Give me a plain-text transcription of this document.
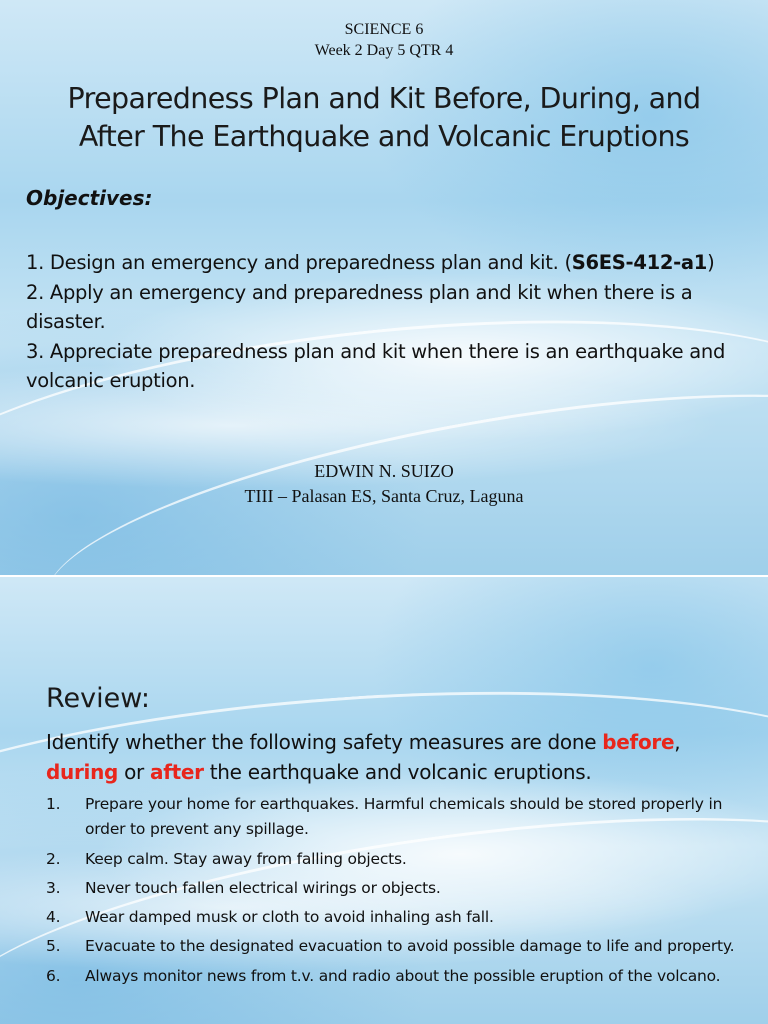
SCIENCE 6
Week 2 Day 5 QTR 4
Preparedness Plan and Kit Before, During, and
After The Earthquake and Volcanic Eruptions
Objectives:

1. Design an emergency and preparedness plan and kit. (S6ES-412-a1)

2. Apply an emergency and preparedness plan and kit when there is a disaster.

3. Appreciate preparedness plan and kit when there is an earthquake and volcanic eruption.

EDWIN N. SUIZO
TIII – Palasan ES, Santa Cruz, Laguna
Review:
Identify whether the following safety measures are done before,
during or after the earthquake and volcanic eruptions.
1.	Prepare your home for earthquakes. Harmful chemicals should be stored properly in order to prevent any spillage.
2.	Keep calm. Stay away from falling objects.
3.	Never touch fallen electrical wirings or objects.
4.	Wear damped musk or cloth to avoid inhaling ash fall.
5.	Evacuate to the designated evacuation to avoid possible damage to life and property.
6.	Always monitor news from t.v. and radio about the possible eruption of the volcano.
